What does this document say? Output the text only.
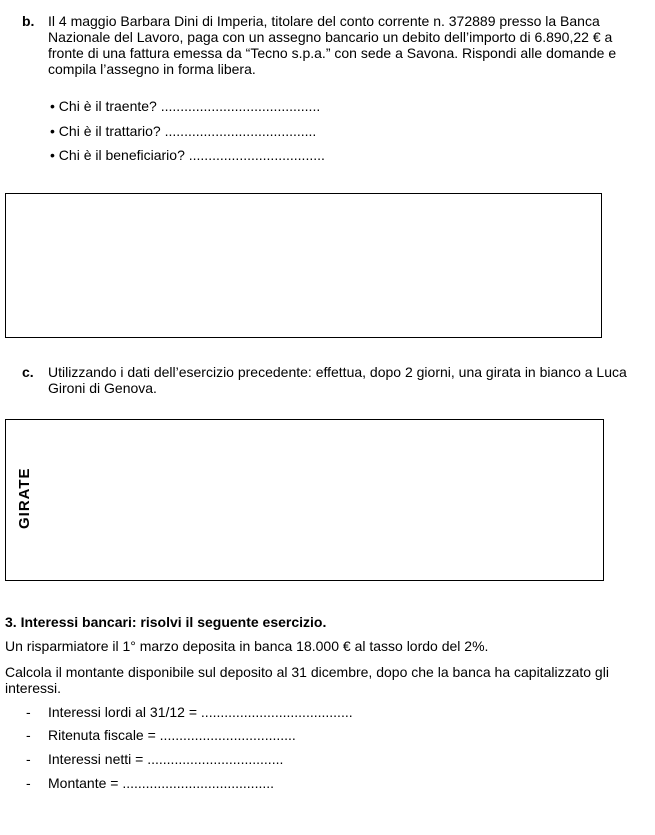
b. Il 4 maggio Barbara Dini di Imperia, titolare del conto corrente n. 372889 presso la Banca Nazionale del Lavoro, paga con un assegno bancario un debito dell’importo di 6.890,22 € a fronte di una fattura emessa da “Tecno s.p.a.” con sede a Savona. Rispondi alle domande e compila l’assegno in forma libera.
• Chi è il traente? .........................................
• Chi è il trattario? .......................................
• Chi è il beneficiario? ...................................
c. Utilizzando i dati dell’esercizio precedente: effettua, dopo 2 giorni, una girata in bianco a Luca Gironi di Genova.
GIRATE
3. Interessi bancari: risolvi il seguente esercizio.
Un risparmiatore il 1° marzo deposita in banca 18.000 € al tasso lordo del 2%.
Calcola il montante disponibile sul deposito al 31 dicembre, dopo che la banca ha capitalizzato gli interessi.
- Interessi lordi al 31/12 = .......................................
- Ritenuta fiscale = ...................................
- Interessi netti = ...................................
- Montante = .......................................
